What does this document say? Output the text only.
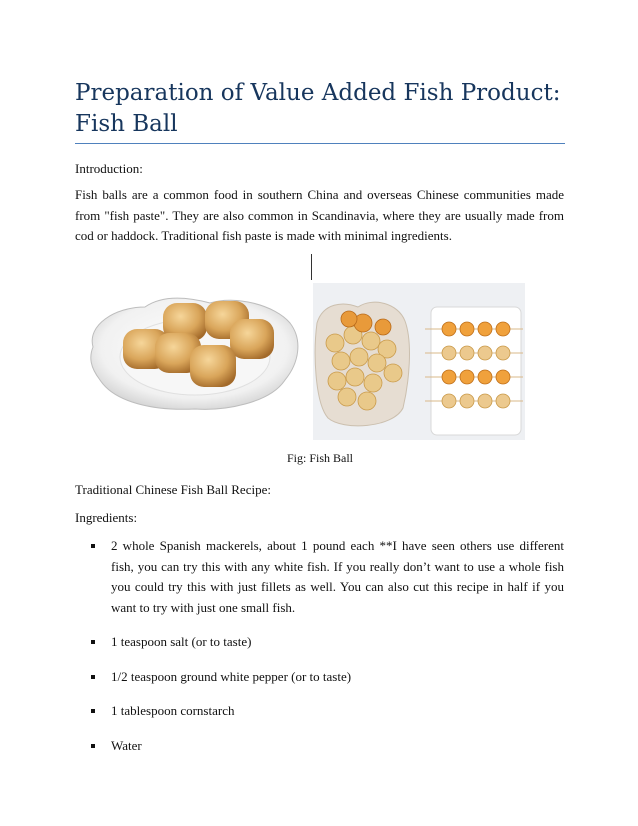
Preparation of Value Added Fish Product: Fish Ball
Introduction:

Fish balls are a common food in southern China and overseas Chinese communities made from "fish paste". They are also common in Scandinavia, where they are usually made from cod or haddock. Traditional fish paste is made with minimal ingredients.

Fig: Fish Ball
Traditional Chinese Fish Ball Recipe:
Ingredients:
2 whole Spanish mackerels, about 1 pound each **I have seen others use different fish, you can try this with any white fish. If you really don’t want to use a whole fish you could try this with just fillets as well. You can also cut this recipe in half if you want to try with just one small fish.
1 teaspoon salt (or to taste)
1/2 teaspoon ground white pepper (or to taste)
1 tablespoon cornstarch
Water
